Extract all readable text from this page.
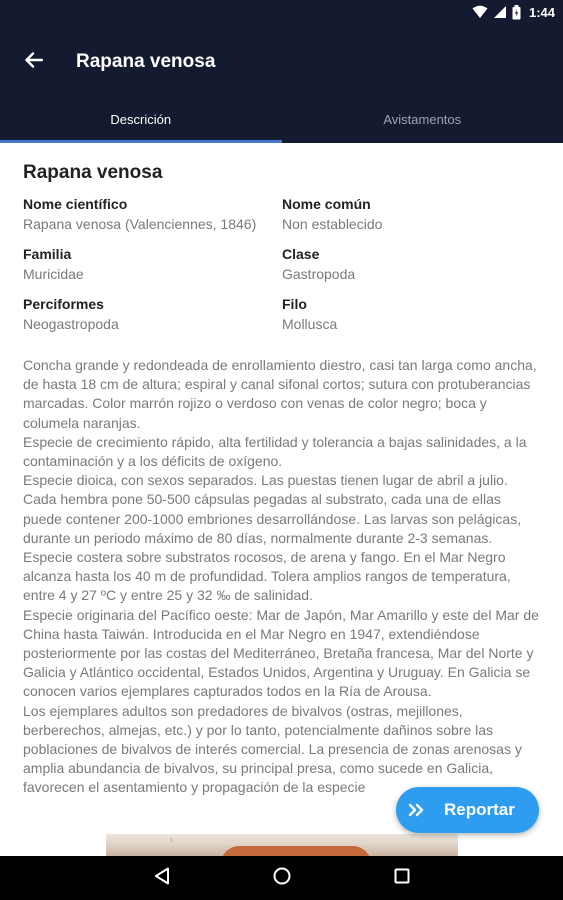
1:44
Rapana venosa
Descrición	Avistamentos
Rapana venosa
Nome científico
Rapana venosa (Valenciennes, 1846)
Nome común
Non establecido
Familia
Muricidae
Clase
Gastropoda
Perciformes
Neogastropoda
Filo
Mollusca
Concha grande y redondeada de enrollamiento diestro, casi tan larga como ancha, de hasta 18 cm de altura; espiral y canal sifonal cortos; sutura con protuberancias marcadas. Color marrón rojizo o verdoso con venas de color negro; boca y columela naranjas.
Especie de crecimiento rápido, alta fertilidad y tolerancia a bajas salinidades, a la contaminación y a los déficits de oxígeno.
Especie dioica, con sexos separados. Las puestas tienen lugar de abril a julio. Cada hembra pone 50-500 cápsulas pegadas al substrato, cada una de ellas puede contener 200-1000 embriones desarrollándose. Las larvas son pelágicas, durante un periodo máximo de 80 días, normalmente durante 2-3 semanas.
Especie costera sobre substratos rocosos, de arena y fango. En el Mar Negro alcanza hasta los 40 m de profundidad. Tolera amplios rangos de temperatura, entre 4 y 27 ºC y entre 25 y 32 ‰ de salinidad.
Especie originaria del Pacífico oeste: Mar de Japón, Mar Amarillo y este del Mar de China hasta Taiwán. Introducida en el Mar Negro en 1947, extendiéndose posteriormente por las costas del Mediterráneo, Bretaña francesa, Mar del Norte y Galicia y Atlántico occidental, Estados Unidos, Argentina y Uruguay. En Galicia se conocen varios ejemplares capturados todos en la Ría de Arousa.
Los ejemplares adultos son predadores de bivalvos (ostras, mejillones, berberechos, almejas, etc.) y por lo tanto, potencialmente dañinos sobre las poblaciones de bivalvos de interés comercial. La presencia de zonas arenosas y amplia abundancia de bivalvos, su principal presa, como sucede en Galicia, favorecen el asentamiento y propagación de la especie
¹
Reportar
